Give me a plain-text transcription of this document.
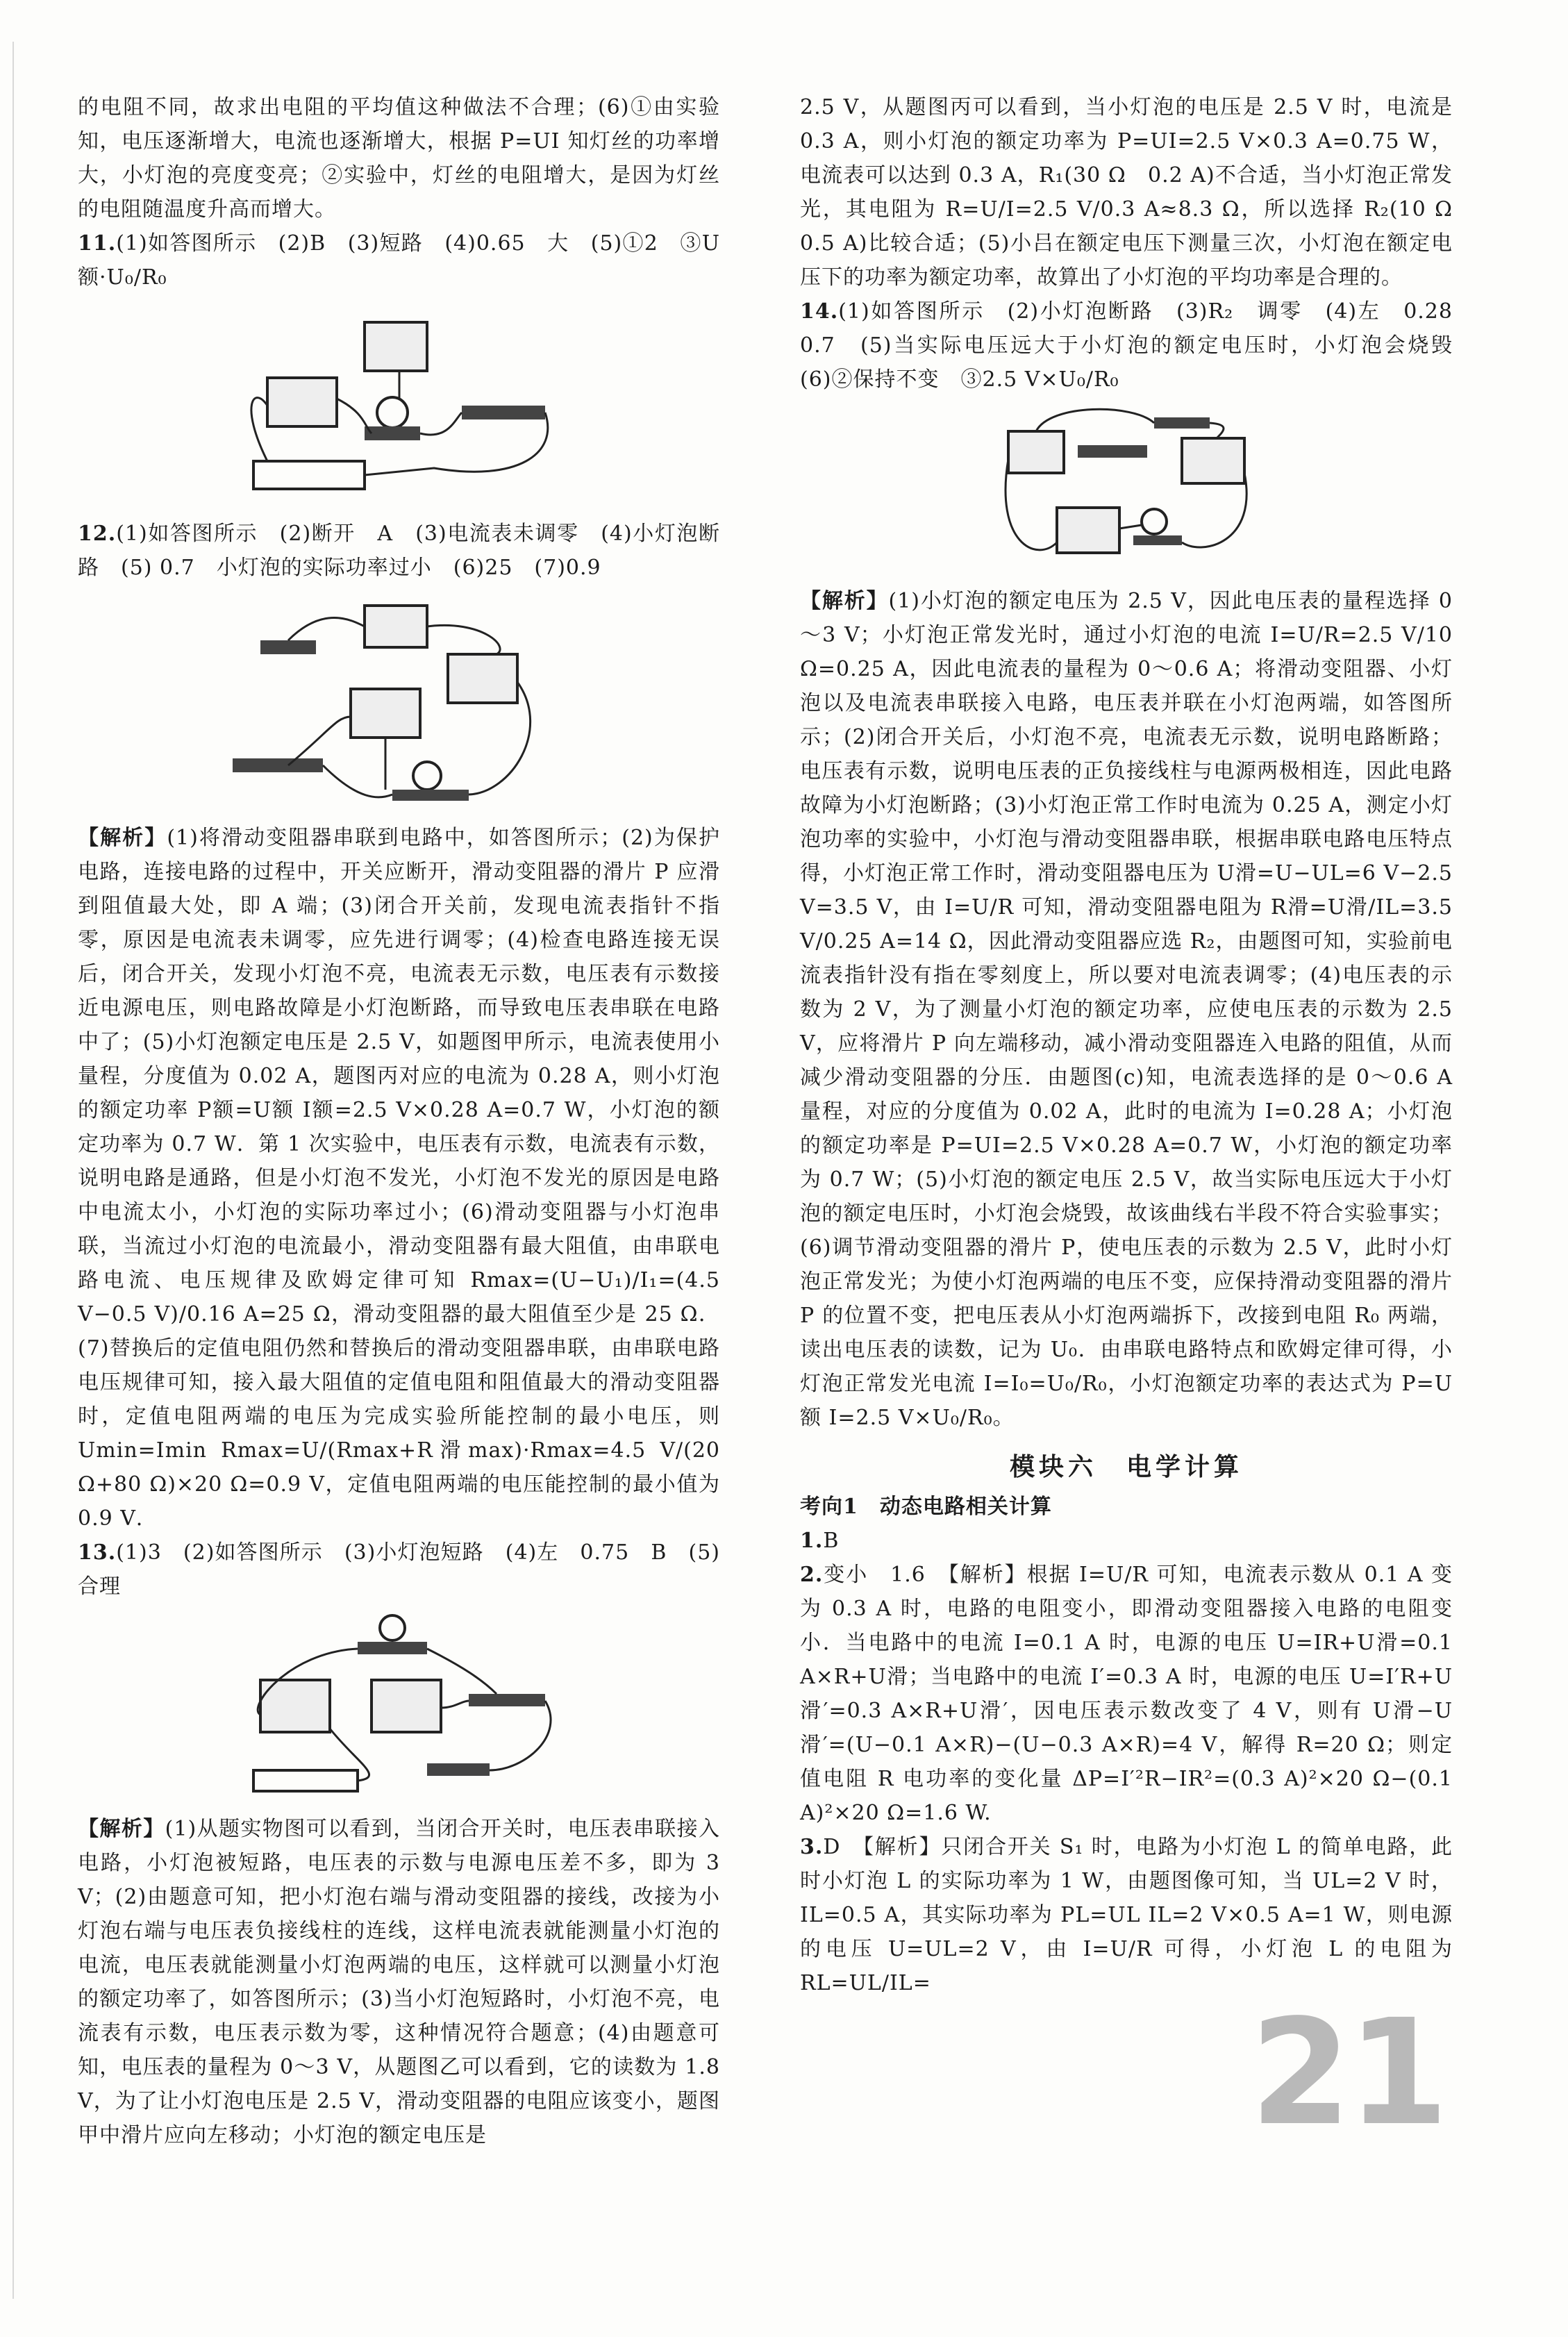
的电阻不同，故求出电阻的平均值这种做法不合理；(6)①由实验知，电压逐渐增大，电流也逐渐增大，根据 P=UI 知灯丝的功率增大，小灯泡的亮度变亮；②实验中，灯丝的电阻增大，是因为灯丝的电阻随温度升高而增大。

11.(1)如答图所示　(2)B　(3)短路　(4)0.65　大　(5)①2　③U额·U₀/R₀

12.(1)如答图所示　(2)断开　A　(3)电流表未调零　(4)小灯泡断路　(5) 0.7　小灯泡的实际功率过小　(6)25　(7)0.9

【解析】(1)将滑动变阻器串联到电路中，如答图所示；(2)为保护电路，连接电路的过程中，开关应断开，滑动变阻器的滑片 P 应滑到阻值最大处，即 A 端；(3)闭合开关前，发现电流表指针不指零，原因是电流表未调零，应先进行调零；(4)检查电路连接无误后，闭合开关，发现小灯泡不亮，电流表无示数，电压表有示数接近电源电压，则电路故障是小灯泡断路，而导致电压表串联在电路中了；(5)小灯泡额定电压是 2.5 V，如题图甲所示，电流表使用小量程，分度值为 0.02 A，题图丙对应的电流为 0.28 A，则小灯泡的额定功率 P额=U额 I额=2.5 V×0.28 A=0.7 W，小灯泡的额定功率为 0.7 W．第 1 次实验中，电压表有示数，电流表有示数，说明电路是通路，但是小灯泡不发光，小灯泡不发光的原因是电路中电流太小，小灯泡的实际功率过小；(6)滑动变阻器与小灯泡串联，当流过小灯泡的电流最小，滑动变阻器有最大阻值，由串联电路电流、电压规律及欧姆定律可知 Rmax=(U−U₁)/I₁=(4.5 V−0.5 V)/0.16 A=25 Ω，滑动变阻器的最大阻值至少是 25 Ω．(7)替换后的定值电阻仍然和替换后的滑动变阻器串联，由串联电路电压规律可知，接入最大阻值的定值电阻和阻值最大的滑动变阻器时，定值电阻两端的电压为完成实验所能控制的最小电压，则 Umin=Imin Rmax=U/(Rmax+R滑max)·Rmax=4.5 V/(20 Ω+80 Ω)×20 Ω=0.9 V，定值电阻两端的电压能控制的最小值为 0.9 V．

13.(1)3　(2)如答图所示　(3)小灯泡短路　(4)左　0.75　B　(5)合理

【解析】(1)从题实物图可以看到，当闭合开关时，电压表串联接入电路，小灯泡被短路，电压表的示数与电源电压差不多，即为 3 V；(2)由题意可知，把小灯泡右端与滑动变阻器的接线，改接为小灯泡右端与电压表负接线柱的连线，这样电流表就能测量小灯泡的电流，电压表就能测量小灯泡两端的电压，这样就可以测量小灯泡的额定功率了，如答图所示；(3)当小灯泡短路时，小灯泡不亮，电流表有示数，电压表示数为零，这种情况符合题意；(4)由题意可知，电压表的量程为 0～3 V，从题图乙可以看到，它的读数为 1.8 V，为了让小灯泡电压是 2.5 V，滑动变阻器的电阻应该变小，题图甲中滑片应向左移动；小灯泡的额定电压是

2.5 V，从题图丙可以看到，当小灯泡的电压是 2.5 V 时，电流是 0.3 A，则小灯泡的额定功率为 P=UI=2.5 V×0.3 A=0.75 W，电流表可以达到 0.3 A，R₁(30 Ω　0.2 A)不合适，当小灯泡正常发光，其电阻为 R=U/I=2.5 V/0.3 A≈8.3 Ω，所以选择 R₂(10 Ω　0.5 A)比较合适；(5)小吕在额定电压下测量三次，小灯泡在额定电压下的功率为额定功率，故算出了小灯泡的平均功率是合理的。

14.(1)如答图所示　(2)小灯泡断路　(3)R₂　调零　(4)左　0.28　0.7　(5)当实际电压远大于小灯泡的额定电压时，小灯泡会烧毁　(6)②保持不变　③2.5 V×U₀/R₀

【解析】(1)小灯泡的额定电压为 2.5 V，因此电压表的量程选择 0～3 V；小灯泡正常发光时，通过小灯泡的电流 I=U/R=2.5 V/10 Ω=0.25 A，因此电流表的量程为 0～0.6 A；将滑动变阻器、小灯泡以及电流表串联接入电路，电压表并联在小灯泡两端，如答图所示；(2)闭合开关后，小灯泡不亮，电流表无示数，说明电路断路；电压表有示数，说明电压表的正负接线柱与电源两极相连，因此电路故障为小灯泡断路；(3)小灯泡正常工作时电流为 0.25 A，测定小灯泡功率的实验中，小灯泡与滑动变阻器串联，根据串联电路电压特点得，小灯泡正常工作时，滑动变阻器电压为 U滑=U−UL=6 V−2.5 V=3.5 V，由 I=U/R 可知，滑动变阻器电阻为 R滑=U滑/IL=3.5 V/0.25 A=14 Ω，因此滑动变阻器应选 R₂，由题图可知，实验前电流表指针没有指在零刻度上，所以要对电流表调零；(4)电压表的示数为 2 V，为了测量小灯泡的额定功率，应使电压表的示数为 2.5 V，应将滑片 P 向左端移动，减小滑动变阻器连入电路的阻值，从而减少滑动变阻器的分压．由题图(c)知，电流表选择的是 0～0.6 A 量程，对应的分度值为 0.02 A，此时的电流为 I=0.28 A；小灯泡的额定功率是 P=UI=2.5 V×0.28 A=0.7 W，小灯泡的额定功率为 0.7 W；(5)小灯泡的额定电压 2.5 V，故当实际电压远大于小灯泡的额定电压时，小灯泡会烧毁，故该曲线右半段不符合实验事实；(6)调节滑动变阻器的滑片 P，使电压表的示数为 2.5 V，此时小灯泡正常发光；为使小灯泡两端的电压不变，应保持滑动变阻器的滑片 P 的位置不变，把电压表从小灯泡两端拆下，改接到电阻 R₀ 两端，读出电压表的读数，记为 U₀．由串联电路特点和欧姆定律可得，小灯泡正常发光电流 I=I₀=U₀/R₀，小灯泡额定功率的表达式为 P=U额 I=2.5 V×U₀/R₀。

模块六　电学计算
考向1　动态电路相关计算

1.B

2.变小　1.6　【解析】根据 I=U/R 可知，电流表示数从 0.1 A 变为 0.3 A 时，电路的电阻变小，即滑动变阻器接入电路的电阻变小．当电路中的电流 I=0.1 A 时，电源的电压 U=IR+U滑=0.1 A×R+U滑；当电路中的电流 I′=0.3 A 时，电源的电压 U=I′R+U滑′=0.3 A×R+U滑′，因电压表示数改变了 4 V，则有 U滑−U滑′=(U−0.1 A×R)−(U−0.3 A×R)=4 V，解得 R=20 Ω；则定值电阻 R 电功率的变化量 ΔP=I′²R−IR²=(0.3 A)²×20 Ω−(0.1 A)²×20 Ω=1.6 W.

3.D　【解析】只闭合开关 S₁ 时，电路为小灯泡 L 的简单电路，此时小灯泡 L 的实际功率为 1 W，由题图像可知，当 UL=2 V 时，IL=0.5 A，其实际功率为 PL=UL IL=2 V×0.5 A=1 W，则电源的电压 U=UL=2 V，由 I=U/R 可得，小灯泡 L 的电阻为 RL=UL/IL=

21
